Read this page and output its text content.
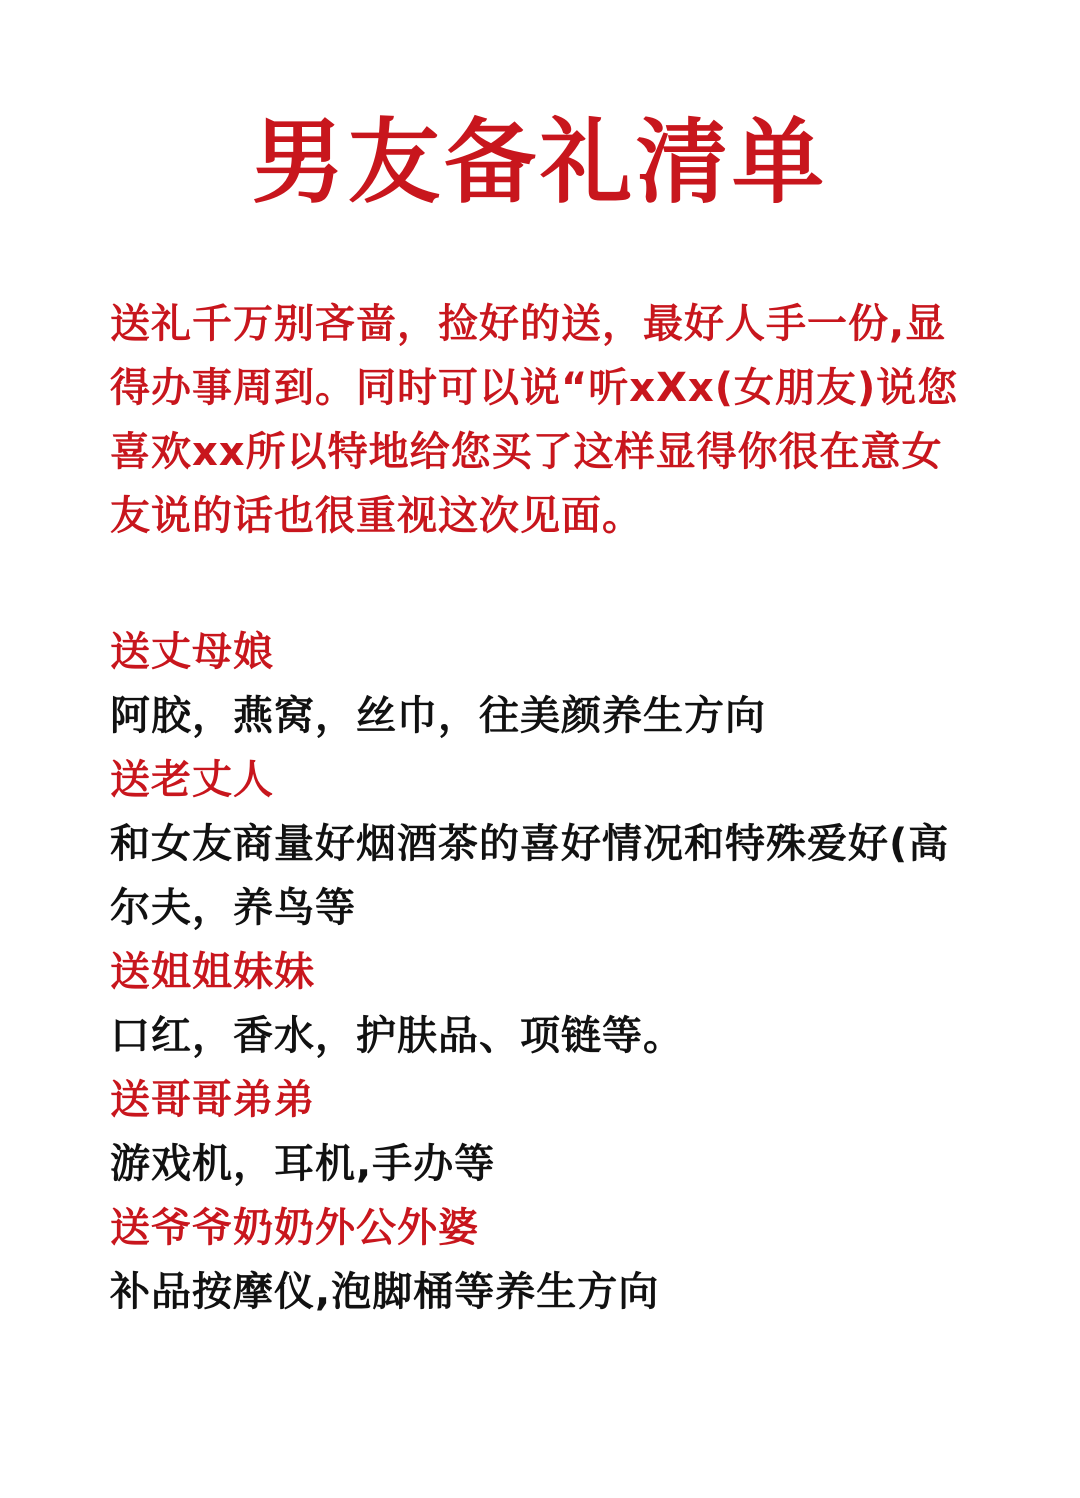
男友备礼清单

送礼千万别吝啬，捡好的送，最好人手一份,显得办事周到。同时可以说“听xXx(女朋友)说您喜欢xx所以特地给您买了这样显得你很在意女友说的话也很重视这次见面。

送丈母娘

阿胶，燕窝，丝巾，往美颜养生方向

送老丈人

和女友商量好烟酒茶的喜好情况和特殊爱好(高尔夫，养鸟等

送姐姐妹妹

口红，香水，护肤品、项链等。

送哥哥弟弟

游戏机，耳机,手办等

送爷爷奶奶外公外婆

补品按摩仪,泡脚桶等养生方向
